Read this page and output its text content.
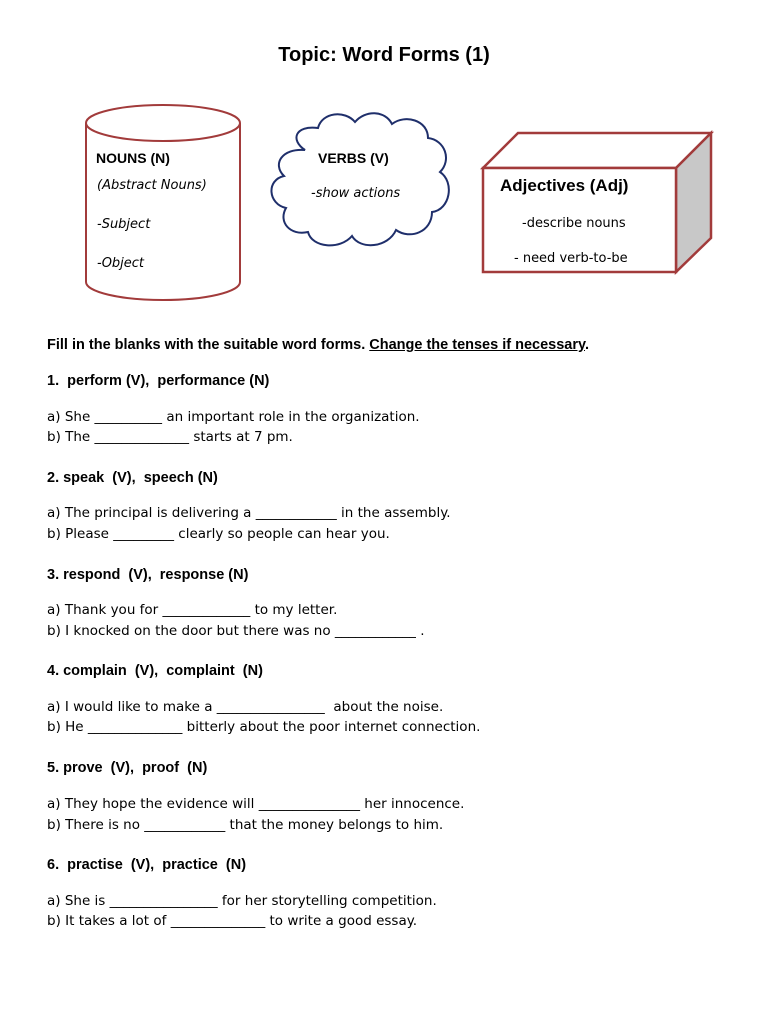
Topic: Word Forms (1)
NOUNS (N)
(Abstract Nouns)
-Subject
-Object
VERBS (V)
-show actions	Adjectives (Adj)
-describe nouns
- need verb-to-be
Fill in the blanks with the suitable word forms. Change the tenses if necessary.
1.  perform (V),  performance (N)
a) She __________ an important role in the organization.
b) The ______________ starts at 7 pm.
2. speak  (V),  speech (N)
a) The principal is delivering a ____________ in the assembly.
b) Please _________ clearly so people can hear you.
3. respond  (V),  response (N)
a) Thank you for _____________ to my letter.
b) I knocked on the door but there was no ____________ .
4. complain  (V),  complaint  (N)
a) I would like to make a ________________  about the noise.
b) He ______________ bitterly about the poor internet connection.
5. prove  (V),  proof  (N)
a) They hope the evidence will _______________ her innocence.
b) There is no ____________ that the money belongs to him.
6.  practise  (V),  practice  (N)
a) She is ________________ for her storytelling competition.
b) It takes a lot of ______________ to write a good essay.
